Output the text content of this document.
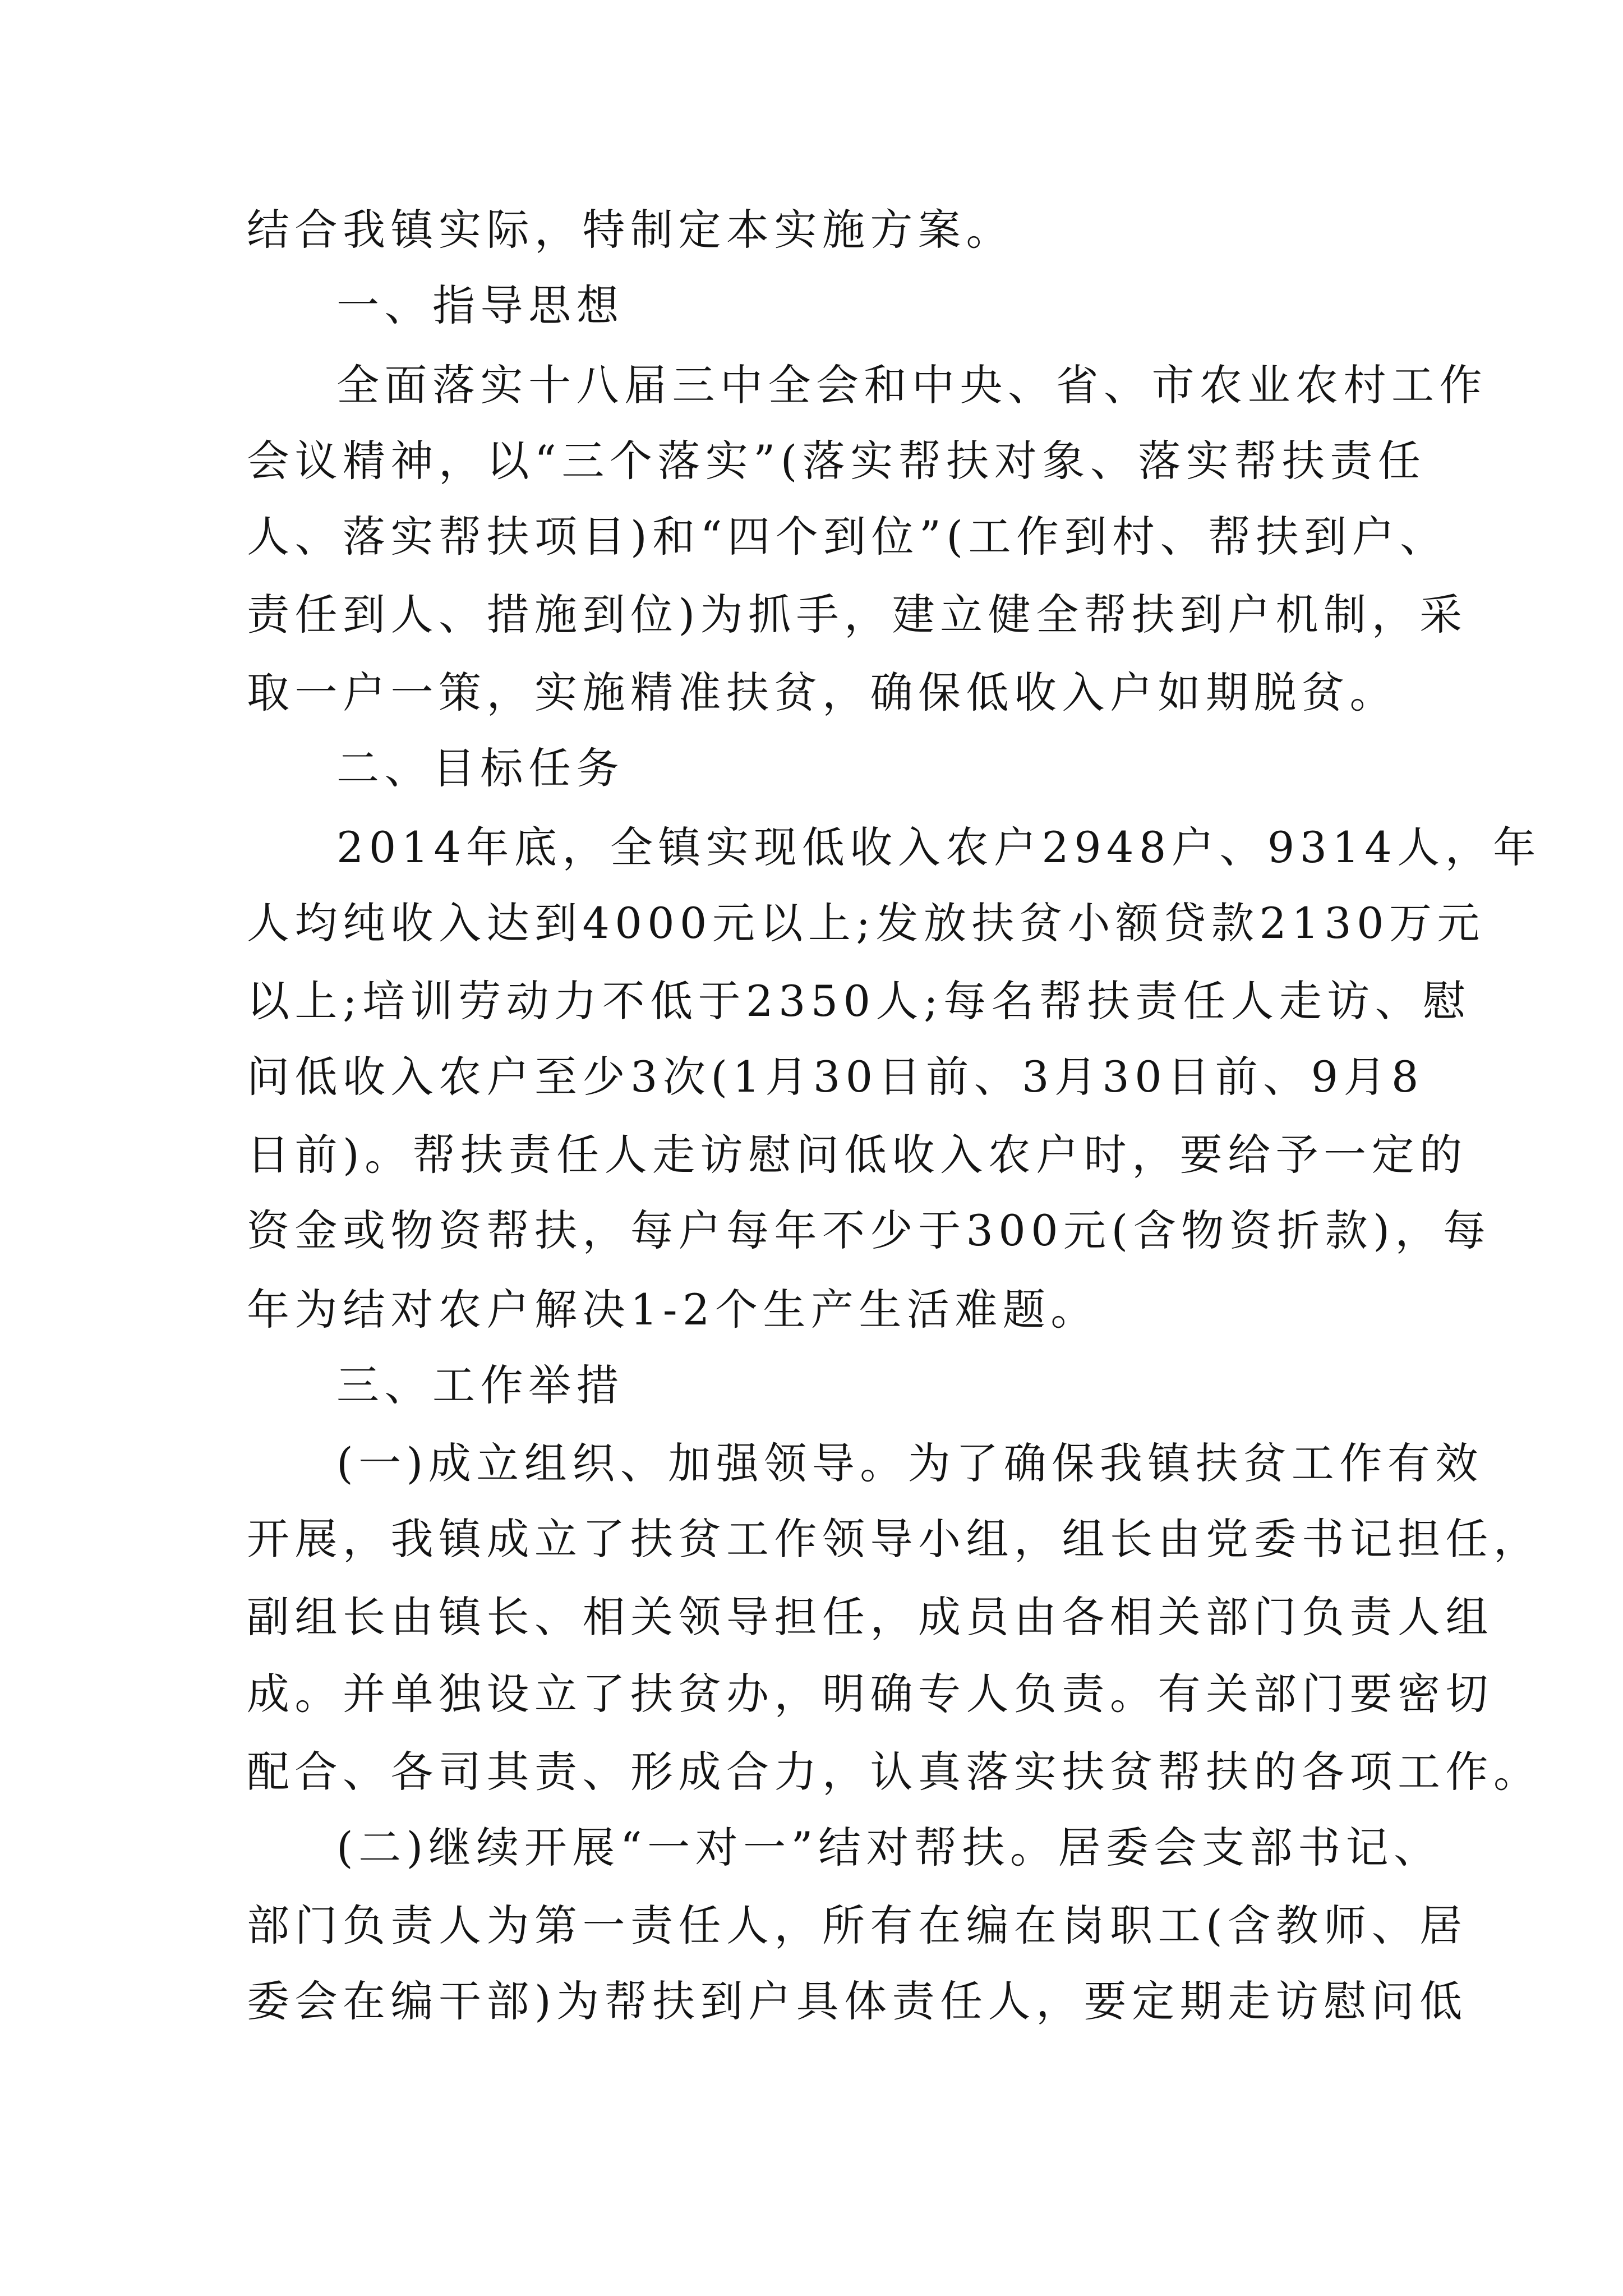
结合我镇实际，特制定本实施方案。
一、指导思想
全面落实十八届三中全会和中央、省、市农业农村工作
会议精神，以“三个落实”(落实帮扶对象、落实帮扶责任
人、落实帮扶项目)和“四个到位”(工作到村、帮扶到户、
责任到人、措施到位)为抓手，建立健全帮扶到户机制，采
取一户一策，实施精准扶贫，确保低收入户如期脱贫。
二、目标任务
2014年底，全镇实现低收入农户2948户、9314人，年
人均纯收入达到4000元以上;发放扶贫小额贷款2130万元
以上;培训劳动力不低于2350人;每名帮扶责任人走访、慰
问低收入农户至少3次(1月30日前、3月30日前、9月8
日前)。帮扶责任人走访慰问低收入农户时，要给予一定的
资金或物资帮扶，每户每年不少于300元(含物资折款)，每
年为结对农户解决1-2个生产生活难题。
三、工作举措
(一)成立组织、加强领导。为了确保我镇扶贫工作有效
开展，我镇成立了扶贫工作领导小组，组长由党委书记担任，
副组长由镇长、相关领导担任，成员由各相关部门负责人组
成。并单独设立了扶贫办，明确专人负责。有关部门要密切
配合、各司其责、形成合力，认真落实扶贫帮扶的各项工作。
(二)继续开展“一对一”结对帮扶。居委会支部书记、
部门负责人为第一责任人，所有在编在岗职工(含教师、居
委会在编干部)为帮扶到户具体责任人，要定期走访慰问低
